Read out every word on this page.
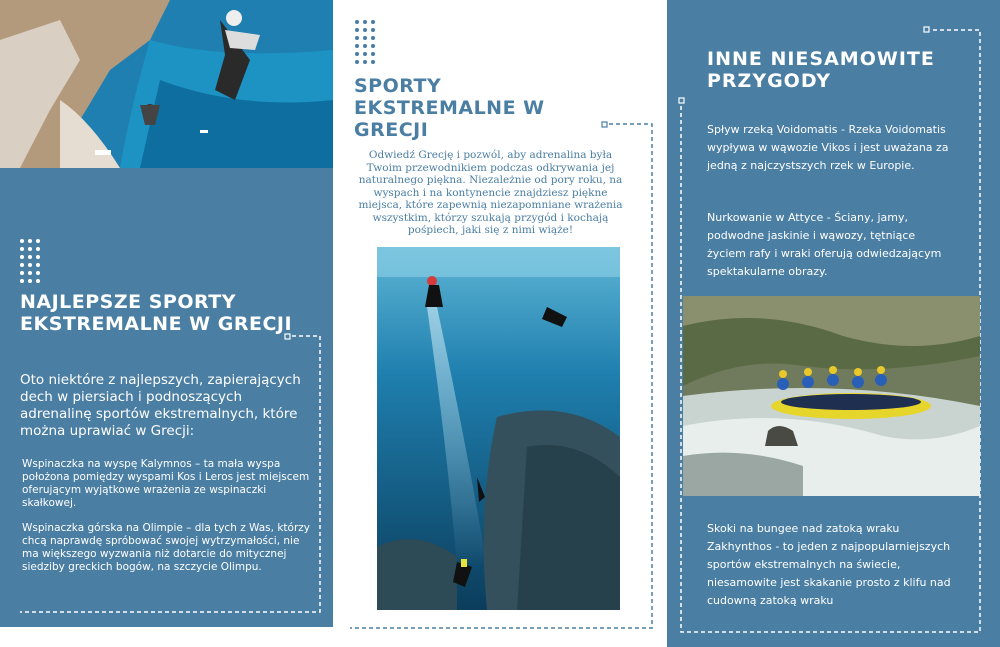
NAJLEPSZE SPORTY EKSTREMALNE W GRECJI
Oto niektóre z najlepszych, zapierających dech w piersiach i podnoszących adrenalinę sportów ekstremalnych, które można uprawiać w Grecji:
Wspinaczka na wyspę Kalymnos – ta mała wyspa położona pomiędzy wyspami Kos i Leros jest miejscem oferującym wyjątkowe wrażenia ze wspinaczki skałkowej.
Wspinaczka górska na Olimpie – dla tych z Was, którzy chcą naprawdę spróbować swojej wytrzymałości, nie ma większego wyzwania niż dotarcie do mitycznej siedziby greckich bogów, na szczycie Olimpu.
SPORTY EKSTREMALNE W GRECJI
Odwiedź Grecję i pozwól, aby adrenalina była Twoim przewodnikiem podczas odkrywania jej naturalnego piękna. Niezależnie od pory roku, na wyspach i na kontynencie znajdziesz piękne miejsca, które zapewnią niezapomniane wrażenia wszystkim, którzy szukają przygód i kochają pośpiech, jaki się z nimi wiąże!
INNE NIESAMOWITE PRZYGODY
Spływ rzeką Voidomatis - Rzeka Voidomatis wypływa w wąwozie Vikos i jest uważana za jedną z najczystszych rzek w Europie.
Nurkowanie w Attyce - Ściany, jamy, podwodne jaskinie i wąwozy, tętniące życiem rafy i wraki oferują odwiedzającym spektakularne obrazy.
Skoki na bungee nad zatoką wraku Zakhynthos - to jeden z najpopularniejszych sportów ekstremalnych na świecie, niesamowite jest skakanie prosto z klifu nad cudowną zatoką wraku
